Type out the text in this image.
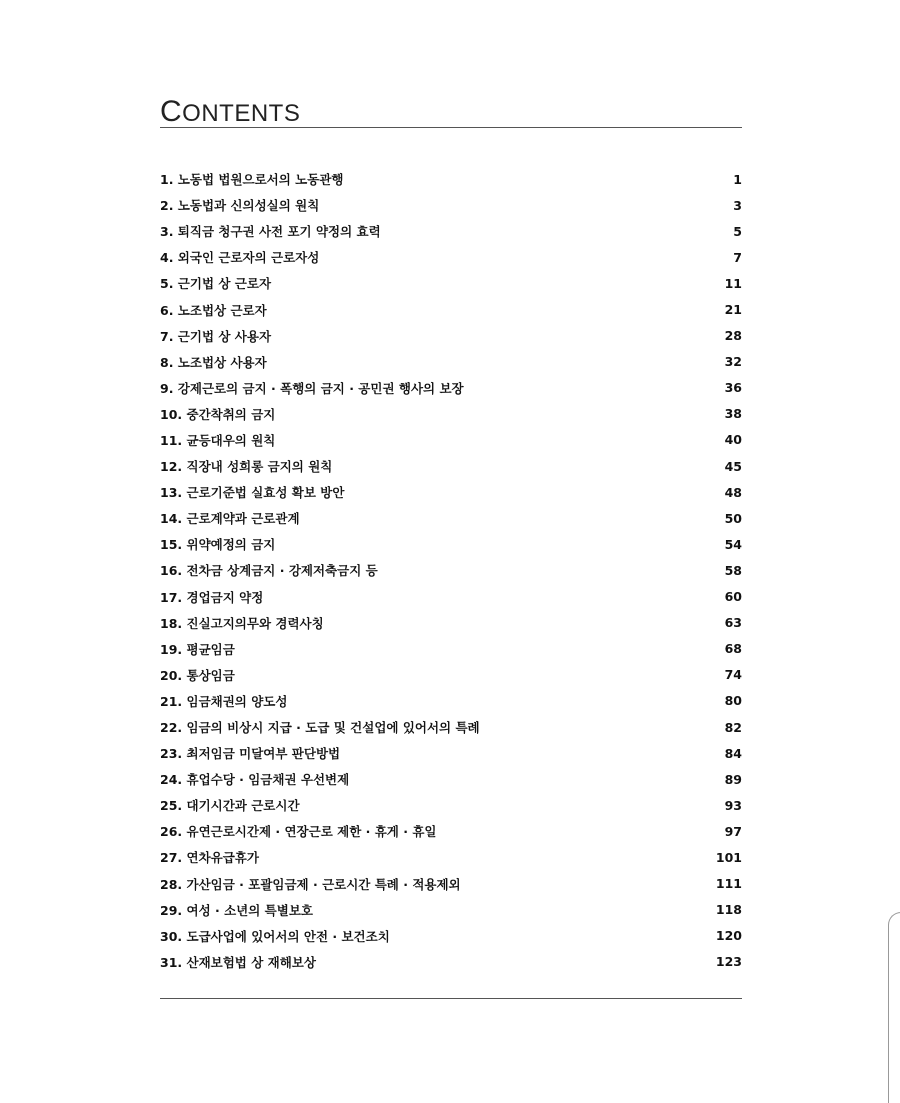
CONTENTS
1. 노동법 법원으로서의 노동관행	1
2. 노동법과 신의성실의 원칙	3
3. 퇴직금 청구권 사전 포기 약정의 효력	5
4. 외국인 근로자의 근로자성	7
5. 근기법 상 근로자	11
6. 노조법상 근로자	21
7. 근기법 상 사용자	28
8. 노조법상 사용자	32
9. 강제근로의 금지 · 폭행의 금지 · 공민권 행사의 보장	36
10. 중간착취의 금지	38
11. 균등대우의 원칙	40
12. 직장내 성희롱 금지의 원칙	45
13. 근로기준법 실효성 확보 방안	48
14. 근로계약과 근로관계	50
15. 위약예정의 금지	54
16. 전차금 상계금지 · 강제저축금지 등	58
17. 경업금지 약정	60
18. 진실고지의무와 경력사칭	63
19. 평균임금	68
20. 통상임금	74
21. 임금채권의 양도성	80
22. 임금의 비상시 지급 · 도급 및 건설업에 있어서의 특례	82
23. 최저임금 미달여부 판단방법	84
24. 휴업수당 · 임금채권 우선변제	89
25. 대기시간과 근로시간	93
26. 유연근로시간제 · 연장근로 제한 · 휴게 · 휴일	97
27. 연차유급휴가	101
28. 가산임금 · 포괄임금제 · 근로시간 특례 · 적용제외	111
29. 여성 · 소년의 특별보호	118
30. 도급사업에 있어서의 안전 · 보건조치	120
31. 산재보험법 상 재해보상	123
